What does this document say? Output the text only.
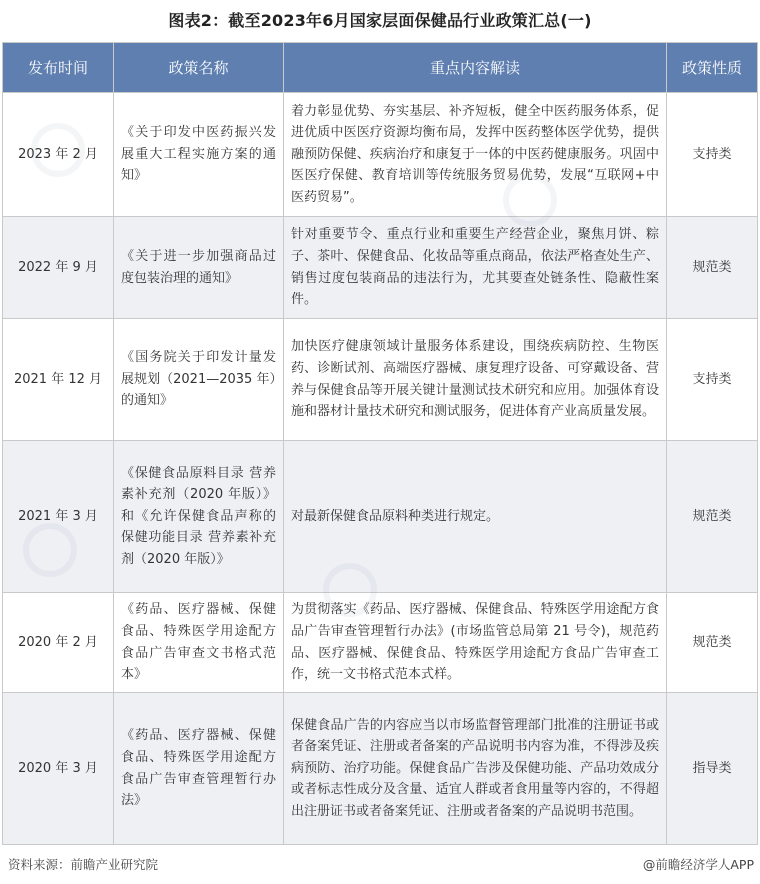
图表2：截至2023年6月国家层面保健品行业政策汇总(一)
发布时间	政策名称	重点内容解读	政策性质
2023 年 2 月	《关于印发中医药振兴发展重大工程实施方案的通知》	着力彰显优势、夯实基层、补齐短板，健全中医药服务体系，促进优质中医医疗资源均衡布局，发挥中医药整体医学优势，提供融预防保健、疾病治疗和康复于一体的中医药健康服务。巩固中医医疗保健、教育培训等传统服务贸易优势，发展“互联网+中医药贸易”。	支持类
2022 年 9 月	《关于进一步加强商品过度包装治理的通知》	针对重要节令、重点行业和重要生产经营企业，聚焦月饼、粽子、茶叶、保健食品、化妆品等重点商品，依法严格查处生产、销售过度包装商品的违法行为，尤其要查处链条性、隐蔽性案件。	规范类
2021 年 12 月	《国务院关于印发计量发展规划（2021—2035 年）的通知》	加快医疗健康领域计量服务体系建设，围绕疾病防控、生物医药、诊断试剂、高端医疗器械、康复理疗设备、可穿戴设备、营养与保健食品等开展关键计量测试技术研究和应用。加强体育设施和器材计量技术研究和测试服务，促进体育产业高质量发展。	支持类
2021 年 3 月	《保健食品原料目录 营养素补充剂（2020 年版）》和《允许保健食品声称的保健功能目录 营养素补充剂（2020 年版）》	对最新保健食品原料种类进行规定。	规范类
2020 年 2 月	《药品、医疗器械、保健食品、特殊医学用途配方食品广告审查文书格式范本》	为贯彻落实《药品、医疗器械、保健食品、特殊医学用途配方食品广告审查管理暂行办法》(市场监管总局第 21 号令)，规范药品、医疗器械、保健食品、特殊医学用途配方食品广告审查工作，统一文书格式范本式样。	规范类
2020 年 3 月	《药品、医疗器械、保健食品、特殊医学用途配方食品广告审查管理暂行办法》	保健食品广告的内容应当以市场监督管理部门批准的注册证书或者备案凭证、注册或者备案的产品说明书内容为准，不得涉及疾病预防、治疗功能。保健食品广告涉及保健功能、产品功效成分或者标志性成分及含量、适宜人群或者食用量等内容的，不得超出注册证书或者备案凭证、注册或者备案的产品说明书范围。	指导类
资料来源：前瞻产业研究院	@前瞻经济学人APP
